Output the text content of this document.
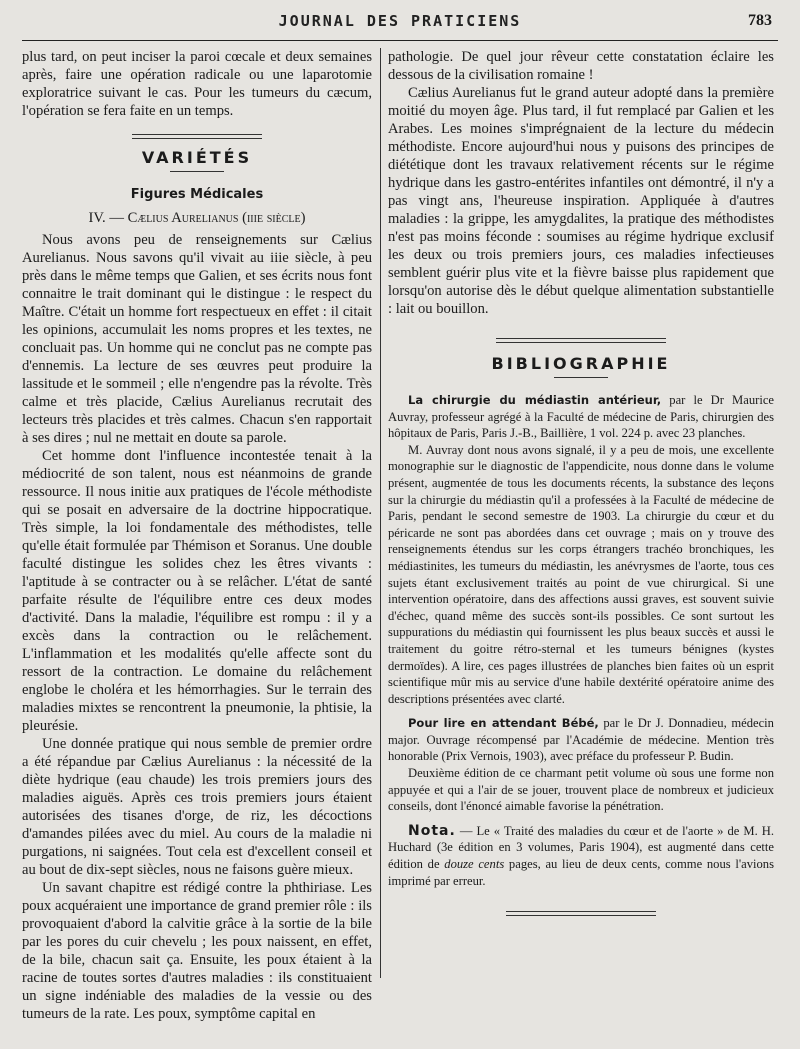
JOURNAL DES PRATICIENS	783

plus tard, on peut inciser la paroi cœcale et deux semaines après, faire une opération radicale ou une laparotomie exploratrice suivant le cas. Pour les tumeurs du cæcum, l'opération se fera faite en un temps.

VARIÉTÉS
Figures Médicales
IV. — Cælius Aurelianus (iiie siècle)

Nous avons peu de renseignements sur Cælius Aurelianus. Nous savons qu'il vivait au iiie siècle, à peu près dans le même temps que Galien, et ses écrits nous font connaitre le trait dominant qui le distingue : le respect du Maître. C'était un homme fort respectueux en effet : il citait les opinions, accumulait les noms propres et les textes, ne concluait pas. Un homme qui ne conclut pas ne compte pas d'ennemis. La lecture de ses œuvres peut produire la lassitude et le sommeil ; elle n'engendre pas la révolte. Très calme et très placide, Cælius Aurelianus recrutait des lecteurs très placides et très calmes. Chacun s'en rapportait à ses dires ; nul ne mettait en doute sa parole.

Cet homme dont l'influence incontestée tenait à la médiocrité de son talent, nous est néanmoins de grande ressource. Il nous initie aux pratiques de l'école méthodiste qui se posait en adversaire de la doctrine hippocratique. Très simple, la loi fondamentale des méthodistes, telle qu'elle était formulée par Thémison et Soranus. Une double faculté distingue les solides chez les êtres vivants : l'aptitude à se contracter ou à se relâcher. L'état de santé parfaite résulte de l'équilibre entre ces deux modes d'activité. Dans la maladie, l'équilibre est rompu : il y a excès dans la contraction ou le relâchement. L'inflammation et les modalités qu'elle affecte sont du ressort de la contraction. Le domaine du relâchement englobe le choléra et les hémorrhagies. Sur le terrain des maladies mixtes se rencontrent la pneumonie, la phtisie, la pleurésie.

Une donnée pratique qui nous semble de premier ordre a été répandue par Cælius Aurelianus : la nécessité de la diète hydrique (eau chaude) les trois premiers jours des maladies aiguës. Après ces trois premiers jours étaient autorisées des tisanes d'orge, de riz, les décoctions d'amandes pilées avec du miel. Au cours de la maladie ni purgations, ni saignées. Tout cela est d'excellent conseil et au bout de dix-sept siècles, nous ne faisons guère mieux.

Un savant chapitre est rédigé contre la phthiriase. Les poux acquéraient une importance de grand premier rôle : ils provoquaient d'abord la calvitie grâce à la sortie de la bile par les pores du cuir chevelu ; les poux naissent, en effet, de la bile, chacun sait ça. Ensuite, les poux étaient à la racine de toutes sortes d'autres maladies : ils constituaient un signe indéniable des maladies de la vessie ou des tumeurs de la rate. Les poux, symptôme capital en

pathologie. De quel jour rêveur cette constatation éclaire les dessous de la civilisation romaine !

Cælius Aurelianus fut le grand auteur adopté dans la première moitié du moyen âge. Plus tard, il fut remplacé par Galien et les Arabes. Les moines s'imprégnaient de la lecture du médecin méthodiste. Encore aujourd'hui nous y puisons des principes de diététique dont les travaux relativement récents sur le régime hydrique dans les gastro-entérites infantiles ont démontré, il n'y a pas vingt ans, l'heureuse inspiration. Appliquée à d'autres maladies : la grippe, les amygdalites, la pratique des méthodistes n'est pas moins féconde : soumises au régime hydrique exclusif les deux ou trois premiers jours, ces maladies infectieuses semblent guérir plus vite et la fièvre baisse plus rapidement que lorsqu'on autorise dès le début quelque alimentation substantielle : lait ou bouillon.

BIBLIOGRAPHIE

La chirurgie du médiastin antérieur, par le Dr Maurice Auvray, professeur agrégé à la Faculté de médecine de Paris, chirurgien des hôpitaux de Paris, Paris J.-B., Baillière, 1 vol. 224 p. avec 23 planches.

M. Auvray dont nous avons signalé, il y a peu de mois, une excellente monographie sur le diagnostic de l'appendicite, nous donne dans le volume présent, augmentée de tous les documents récents, la substance des leçons sur la chirurgie du médiastin qu'il a professées à la Faculté de médecine de Paris, pendant le second semestre de 1903. La chirurgie du cœur et du péricarde ne sont pas abordées dans cet ouvrage ; mais on y trouve des renseignements étendus sur les corps étrangers trachéo bronchiques, les médiastinites, les tumeurs du médiastin, les anévrysmes de l'aorte, tous ces sujets étant exclusivement traités au point de vue chirurgical. Si une intervention opératoire, dans des affections aussi graves, est souvent suivie d'échec, quand même des succès sont-ils possibles. Ce sont surtout les suppurations du médiastin qui fournissent les plus beaux succès et aussi le traitement du goitre rétro-sternal et les tumeurs bénignes (kystes dermoïdes). A lire, ces pages illustrées de planches bien faites où un esprit scientifique mûr mis au service d'une habile dextérité opératoire anime des descriptions présentées avec clarté.

Pour lire en attendant Bébé, par le Dr J. Donnadieu, médecin major. Ouvrage récompensé par l'Académie de médecine. Mention très honorable (Prix Vernois, 1903), avec préface du professeur P. Budin.

Deuxième édition de ce charmant petit volume où sous une forme non appuyée et qui a l'air de se jouer, trouvent place de nombreux et judicieux conseils, dont l'énoncé aimable favorise la pénétration.

Nota. — Le « Traité des maladies du cœur et de l'aorte » de M. H. Huchard (3e édition en 3 volumes, Paris 1904), est augmenté dans cette édition de douze cents pages, au lieu de deux cents, comme nous l'avions imprimé par erreur.
